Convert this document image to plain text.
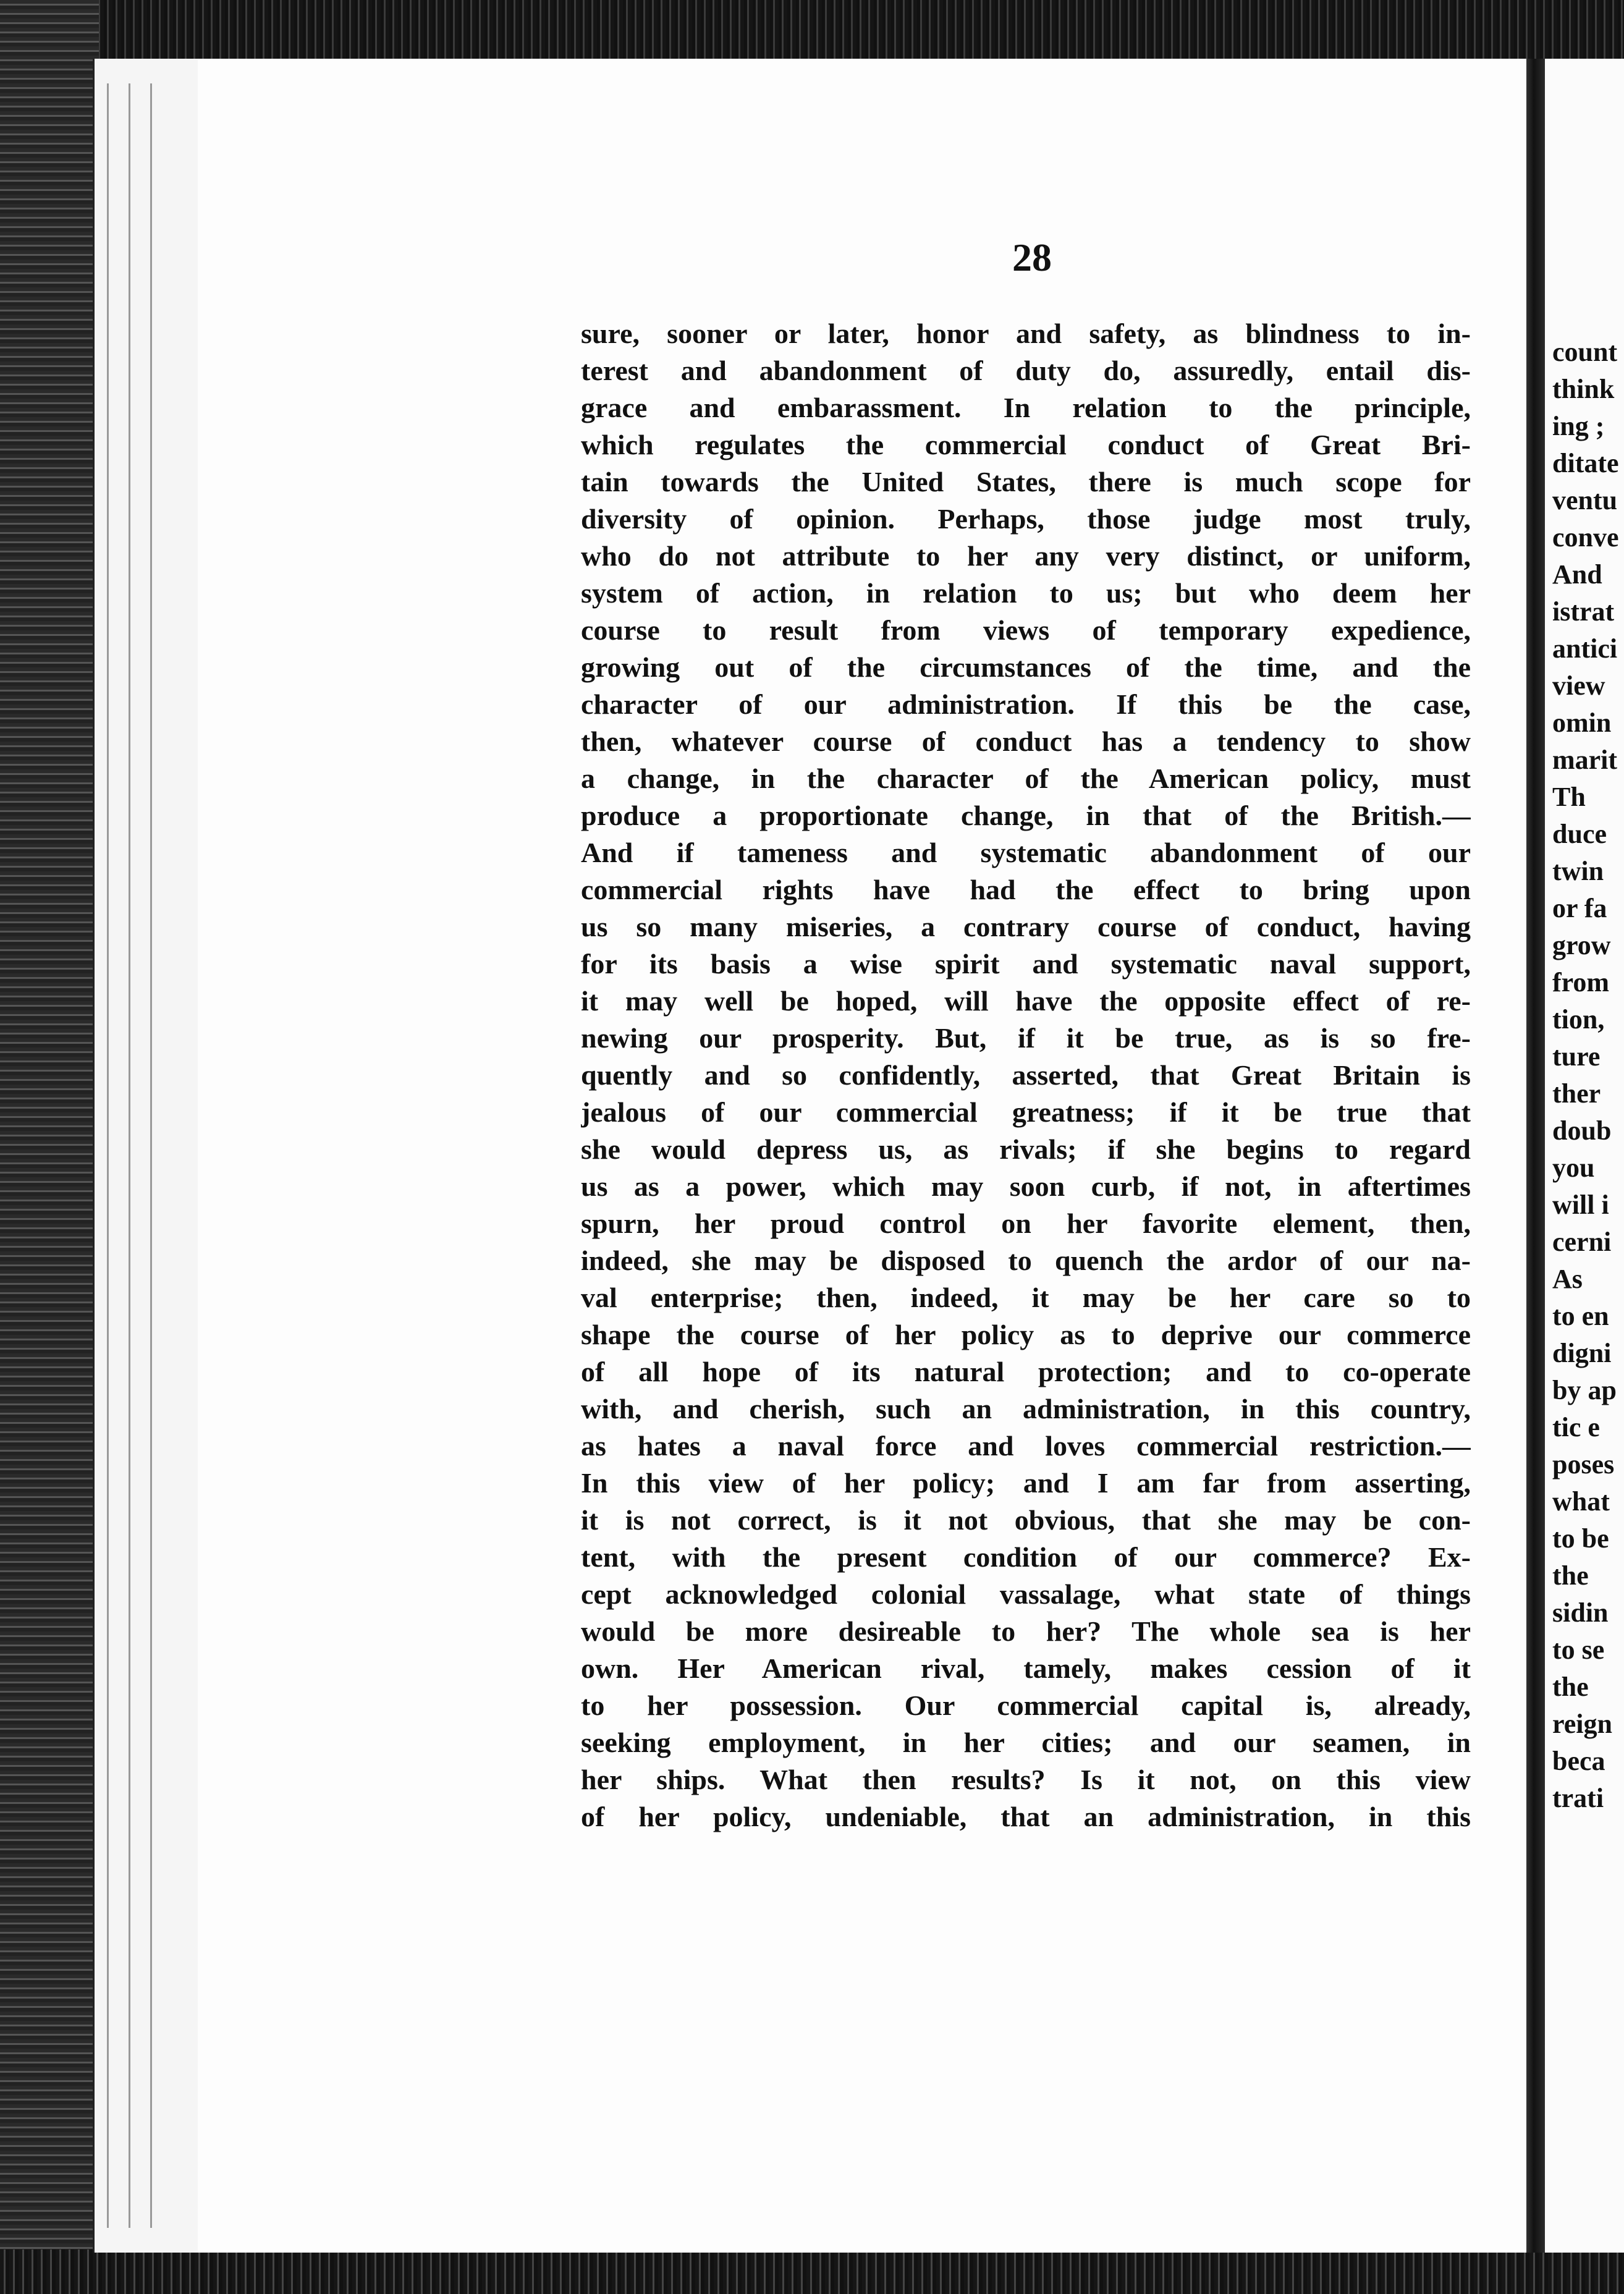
28
sure, sooner or later, honor and safety, as blindness to in-
terest and abandonment of duty do, assuredly, entail dis-
grace and embarassment. In relation to the principle,
which regulates the commercial conduct of Great Bri-
tain towards the United States, there is much scope for
diversity of opinion. Perhaps, those judge most truly,
who do not attribute to her any very distinct, or uniform,
system of action, in relation to us; but who deem her
course to result from views of temporary expedience,
growing out of the circumstances of the time, and the
character of our administration. If this be the case,
then, whatever course of conduct has a tendency to show
a change, in the character of the American policy, must
produce a proportionate change, in that of the British.—
And if tameness and systematic abandonment of our
commercial rights have had the effect to bring upon
us so many miseries, a contrary course of conduct, having
for its basis a wise spirit and systematic naval support,
it may well be hoped, will have the opposite effect of re-
newing our prosperity. But, if it be true, as is so fre-
quently and so confidently, asserted, that Great Britain is
jealous of our commercial greatness; if it be true that
she would depress us, as rivals; if she begins to regard
us as a power, which may soon curb, if not, in aftertimes
spurn, her proud control on her favorite element, then,
indeed, she may be disposed to quench the ardor of our na-
val enterprise; then, indeed, it may be her care so to
shape the course of her policy as to deprive our commerce
of all hope of its natural protection; and to co-operate
with, and cherish, such an administration, in this country,
as hates a naval force and loves commercial restriction.—
In this view of her policy; and I am far from asserting,
it is not correct, is it not obvious, that she may be con-
tent, with the present condition of our commerce? Ex-
cept acknowledged colonial vassalage, what state of things
would be more desireable to her? The whole sea is her
own. Her American rival, tamely, makes cession of it
to her possession. Our commercial capital is, already,
seeking employment, in her cities; and our seamen, in
her ships. What then results? Is it not, on this view
of her policy, undeniable, that an administration, in this
count
think
ing ;
ditate
ventu
conve
And
istrat
antici
view
omin
marit
Th
duce
twin
or fa
grow
from
tion,
ture
ther
doub
you
will i
cerni
As
to en
digni
by ap
tic e
poses
what
to be
the
sidin
to se
the
reign
beca
trati
